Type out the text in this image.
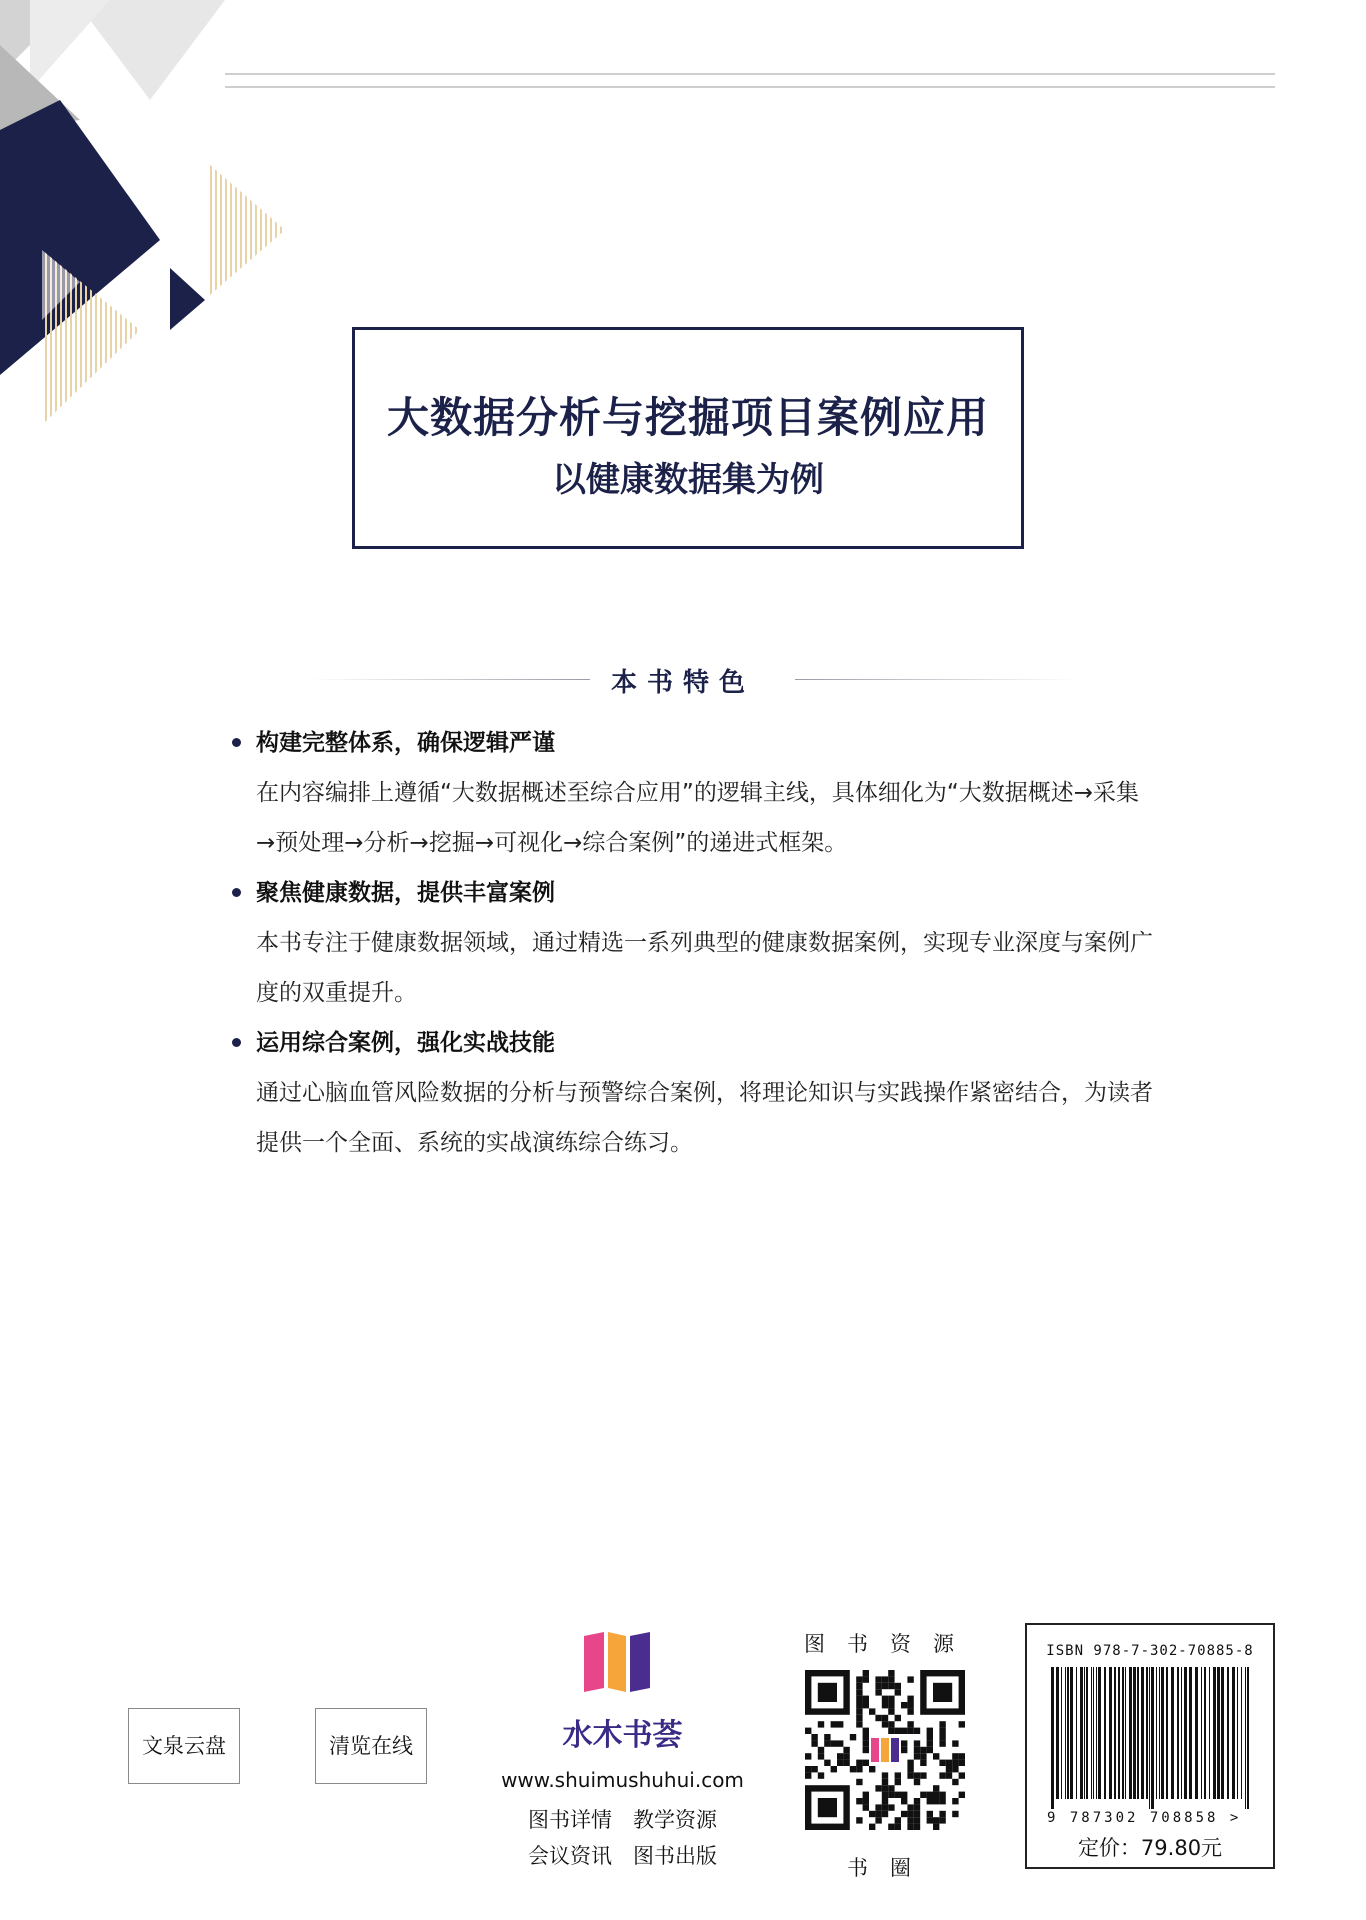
大数据分析与挖掘项目案例应用
以健康数据集为例
本书特色
构建完整体系，确保逻辑严谨
在内容编排上遵循“大数据概述至综合应用”的逻辑主线，具体细化为“大数据概述→采集→预处理→分析→挖掘→可视化→综合案例”的递进式框架。
聚焦健康数据，提供丰富案例
本书专注于健康数据领域，通过精选一系列典型的健康数据案例，实现专业深度与案例广度的双重提升。
运用综合案例，强化实战技能
通过心脑血管风险数据的分析与预警综合案例，将理论知识与实践操作紧密结合，为读者提供一个全面、系统的实战演练综合练习。
文泉云盘	清览在线	水木书荟
www.shuimushuhui.com
图书详情　教学资源
会议资讯　图书出版
图书资源
书圈
ISBN 978-7-302-70885-8
9 787302 708858 >
定价：79.80元
